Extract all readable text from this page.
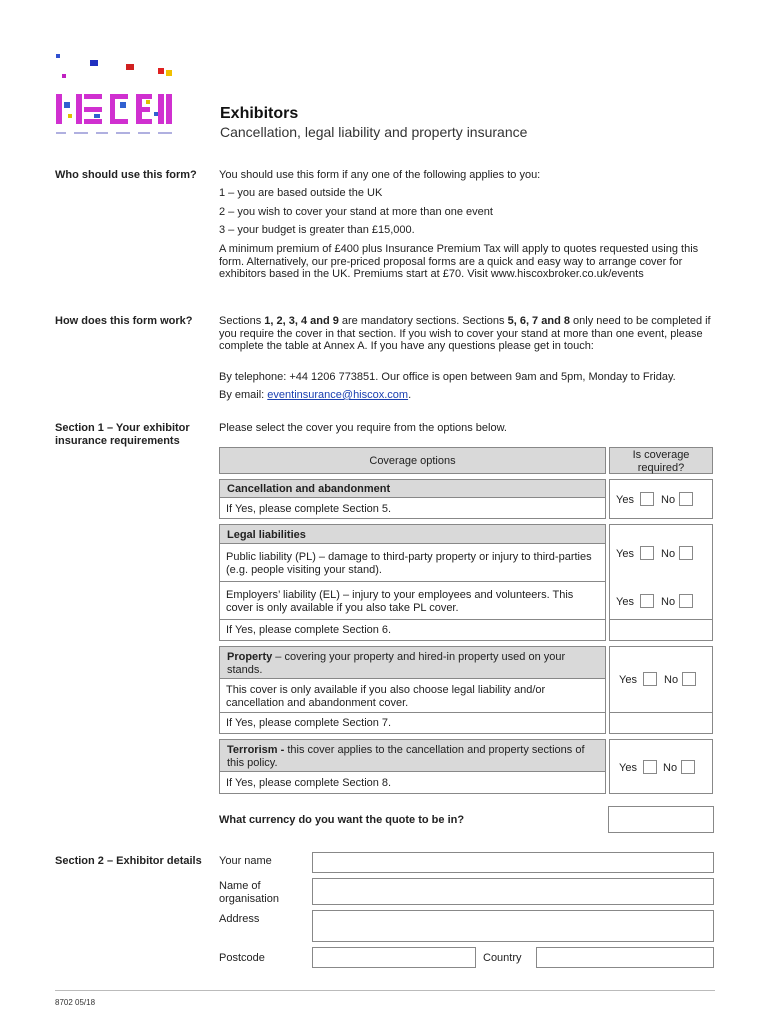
Exhibitors
Cancellation, legal liability and property insurance
Who should use this form? You should use this form if any one of the following applies to you:
1 – you are based outside the UK
2 – you wish to cover your stand at more than one event
3 – your budget is greater than £15,000.
A minimum premium of £400 plus Insurance Premium Tax will apply to quotes requested using this form. Alternatively, our pre-priced proposal forms are a quick and easy way to arrange cover for exhibitors based in the UK. Premiums start at £70. Visit www.hiscoxbroker.co.uk/events
How does this form work? Sections 1, 2, 3, 4 and 9 are mandatory sections. Sections 5, 6, 7 and 8 only need to be completed if you require the cover in that section. If you wish to cover your stand at more than one event, please complete the table at Annex A. If you have any questions please get in touch:
By telephone: +44 1206 773851. Our office is open between 9am and 5pm, Monday to Friday.
By email: eventinsurance@hiscox.com.
Section 1 – Your exhibitor insurance requirements
Please select the cover you require from the options below.
Coverage options	Is coverage required?
Cancellation and abandonment
If Yes, please complete Section 5.
Yes No
Legal liabilities
Public liability (PL) – damage to third-party property or injury to third-parties (e.g. people visiting your stand).
Employers’ liability (EL) – injury to your employees and volunteers. This cover is only available if you also take PL cover.
If Yes, please complete Section 6.
Yes No
Yes No
Property – covering your property and hired-in property used on your stands.
This cover is only available if you also choose legal liability and/or cancellation and abandonment cover.
If Yes, please complete Section 7.
Yes No
Terrorism - this cover applies to the cancellation and property sections of this policy.
If Yes, please complete Section 8.
Yes No
What currency do you want the quote to be in?
Section 2 – Exhibitor details Your name
Name of organisation
Address
Postcode	Country
8702 05/18
